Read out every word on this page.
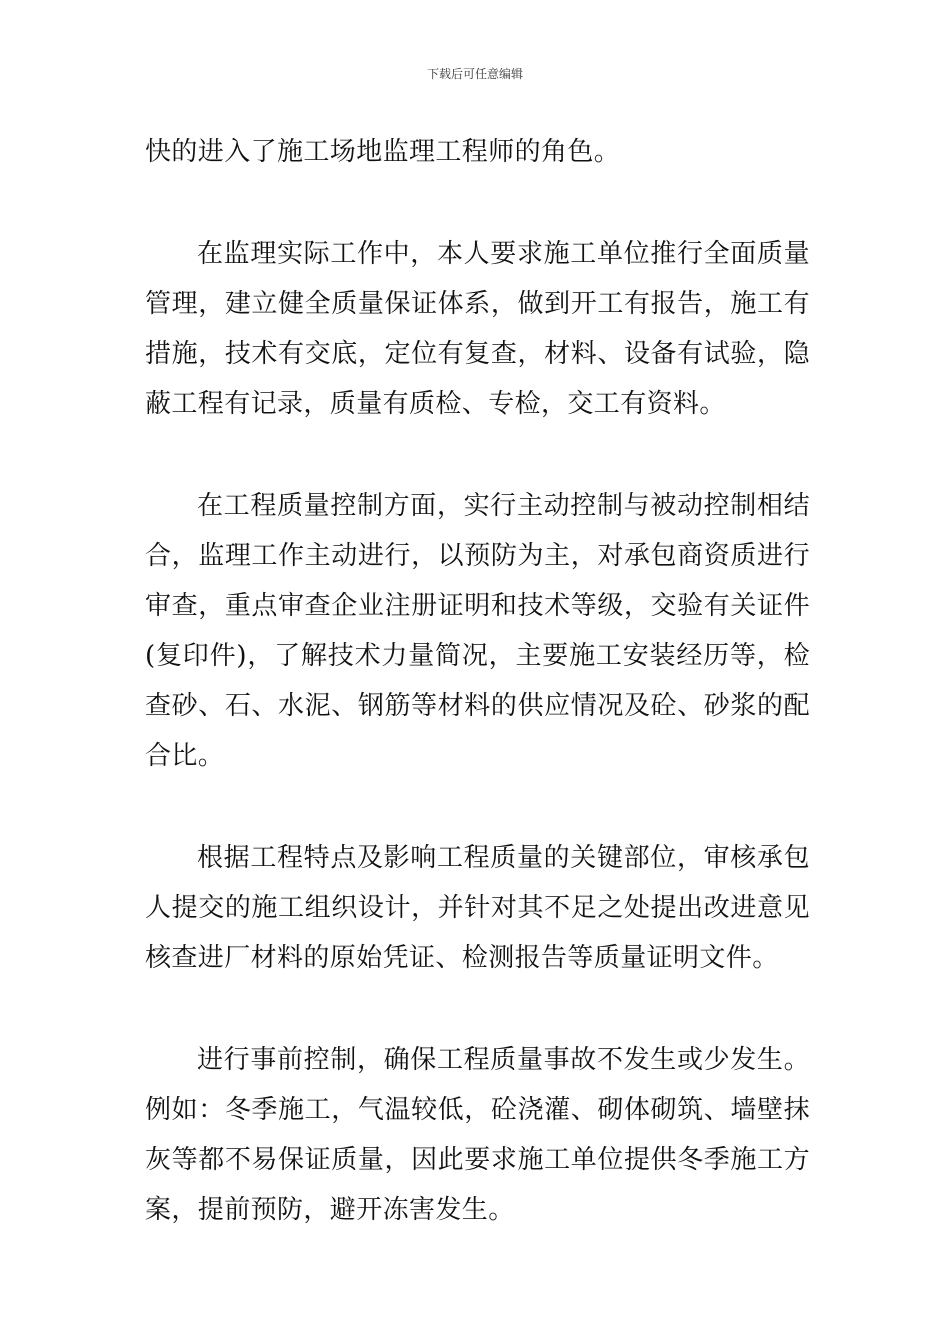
下载后可任意编辑

快的进入了施工场地监理工程师的角色。

在监理实际工作中，本人要求施工单位推行全面质量管理，建立健全质量保证体系，做到开工有报告，施工有措施，技术有交底，定位有复查，材料、设备有试验，隐蔽工程有记录，质量有质检、专检，交工有资料。

在工程质量控制方面，实行主动控制与被动控制相结合，监理工作主动进行，以预防为主，对承包商资质进行审查，重点审查企业注册证明和技术等级，交验有关证件(复印件)，了解技术力量简况，主要施工安装经历等，检查砂、石、水泥、钢筋等材料的供应情况及砼、砂浆的配合比。

根据工程特点及影响工程质量的关键部位，审核承包人提交的施工组织设计，并针对其不足之处提出改进意见核查进厂材料的原始凭证、检测报告等质量证明文件。

进行事前控制，确保工程质量事故不发生或少发生。例如：冬季施工，气温较低，砼浇灌、砌体砌筑、墙壁抹灰等都不易保证质量，因此要求施工单位提供冬季施工方案，提前预防，避开冻害发生。
